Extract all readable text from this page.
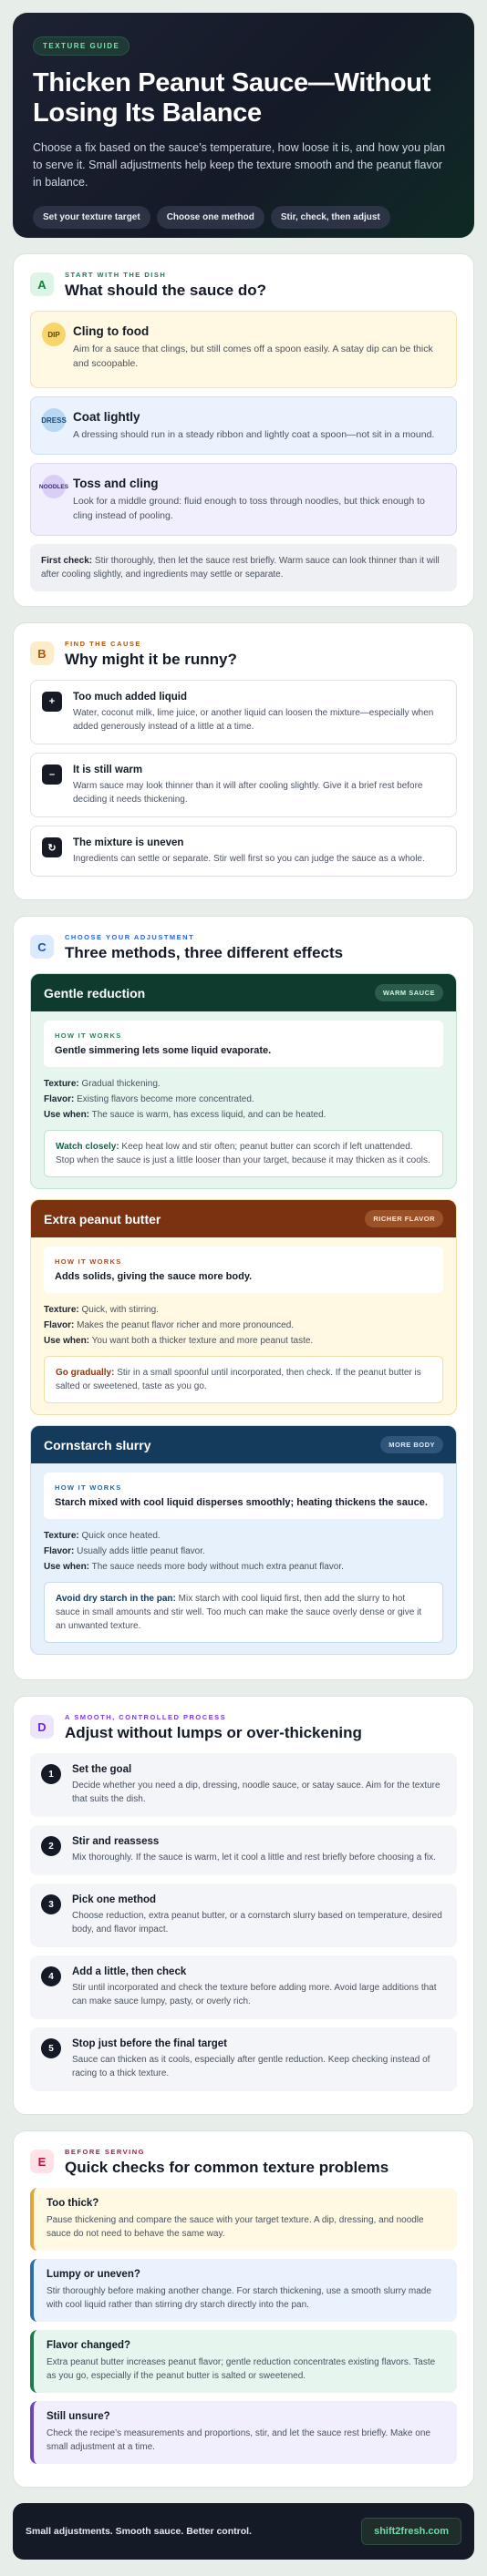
TEXTURE GUIDE
Thicken Peanut Sauce—Without Losing Its Balance

Choose a fix based on the sauce’s temperature, how loose it is, and how you plan to serve it. Small adjustments help keep the texture smooth and the peanut flavor in balance.

Set your texture target	Choose one method	Stir, check, then adjust
A
START WITH THE DISH
What should the sauce do?
DIP	Cling to food

Aim for a sauce that clings, but still comes off a spoon easily. A satay dip can be thick and scoopable.

DRESS Coat lightly

A dressing should run in a steady ribbon and lightly coat a spoon—not sit in a mound.

NOODLES Toss and cling

Look for a middle ground: fluid enough to toss through noodles, but thick enough to cling instead of pooling.

First check: Stir thoroughly, then let the sauce rest briefly. Warm sauce can look thinner than it will after cooling slightly, and ingredients may settle or separate.
B
FIND THE CAUSE
Why might it be runny?
+	Too much added liquid

Water, coconut milk, lime juice, or another liquid can loosen the mixture—especially when added generously instead of a little at a time.

–	It is still warm

Warm sauce may look thinner than it will after cooling slightly. Give it a brief rest before deciding it needs thickening.

↻	The mixture is uneven

Ingredients can settle or separate. Stir well first so you can judge the sauce as a whole.

C
CHOOSE YOUR ADJUSTMENT
Three methods, three different effects
Gentle reduction	WARM SAUCE
HOW IT WORKS
Gentle simmering lets some liquid evaporate.
Texture: Gradual thickening.
Flavor: Existing flavors become more concentrated.
Use when: The sauce is warm, has excess liquid, and can be heated.
Watch closely: Keep heat low and stir often; peanut butter can scorch if left unattended. Stop when the sauce is just a little looser than your target, because it may thicken as it cools.
Extra peanut butter	RICHER FLAVOR
HOW IT WORKS
Adds solids, giving the sauce more body.
Texture: Quick, with stirring.
Flavor: Makes the peanut flavor richer and more pronounced.
Use when: You want both a thicker texture and more peanut taste.
Go gradually: Stir in a small spoonful until incorporated, then check. If the peanut butter is salted or sweetened, taste as you go.
Cornstarch slurry	MORE BODY
HOW IT WORKS
Starch mixed with cool liquid disperses smoothly; heating thickens the sauce.
Texture: Quick once heated.
Flavor: Usually adds little peanut flavor.
Use when: The sauce needs more body without much extra peanut flavor.
Avoid dry starch in the pan: Mix starch with cool liquid first, then add the slurry to hot sauce in small amounts and stir well. Too much can make the sauce overly dense or give it an unwanted texture.
D
A SMOOTH, CONTROLLED PROCESS
Adjust without lumps or over-thickening
1	Set the goal

Decide whether you need a dip, dressing, noodle sauce, or satay sauce. Aim for the texture that suits the dish.

2	Stir and reassess

Mix thoroughly. If the sauce is warm, let it cool a little and rest briefly before choosing a fix.

3	Pick one method

Choose reduction, extra peanut butter, or a cornstarch slurry based on temperature, desired body, and flavor impact.

4	Add a little, then check

Stir until incorporated and check the texture before adding more. Avoid large additions that can make sauce lumpy, pasty, or overly rich.

5	Stop just before the final target

Sauce can thicken as it cools, especially after gentle reduction. Keep checking instead of racing to a thick texture.

E
BEFORE SERVING
Quick checks for common texture problems
Too thick?

Pause thickening and compare the sauce with your target texture. A dip, dressing, and noodle sauce do not need to behave the same way.

Lumpy or uneven?

Stir thoroughly before making another change. For starch thickening, use a smooth slurry made with cool liquid rather than stirring dry starch directly into the pan.

Flavor changed?

Extra peanut butter increases peanut flavor; gentle reduction concentrates existing flavors. Taste as you go, especially if the peanut butter is salted or sweetened.

Still unsure?

Check the recipe’s measurements and proportions, stir, and let the sauce rest briefly. Make one small adjustment at a time.

Small adjustments. Smooth sauce. Better control.	shift2fresh.com
